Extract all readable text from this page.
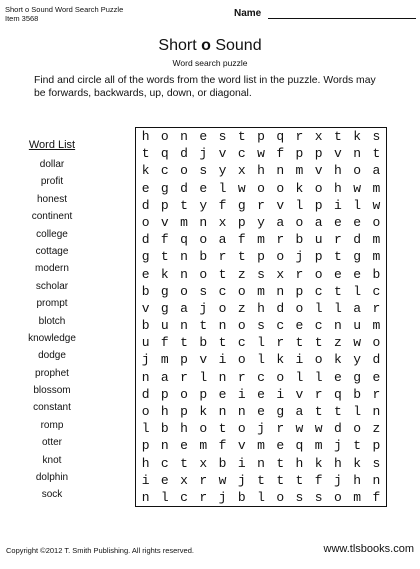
Short o Sound Word Search Puzzle
Item 3568	Name
Short o Sound
Word search puzzle
Find and circle all of the words from the word list in the puzzle. Words may be forwards, backwards, up, down, or diagonal.
Word List
dollar
profit
honest
continent
college
cottage
modern
scholar
prompt
blotch
knowledge
dodge
prophet
blossom
constant
romp
otter
knot
dolphin
sock
h o n e s t p q r x t k s
t q d j v c w f p p v n t
k c o s y x h n m v h o a
e g d e l w o o k o h w m
d p t y f g r v l p i l w
o v m n x p y a o a e e o
d f q o a f m r b u r d m
g t n b r t p o j p t g m
e k n o t z s x r o e e b
b g o s c o m n p c t l c
v g a j o z h d o l l a r
b u n t n o s c e c n u m
u f t b t c l r t t z w o
j m p v i o l k i o k y d
n a r l n r c o l l e g e
d p o p e i e i v r q b r
o h p k n n e g a t t l n
l b h o t o j r w w d o z
p n e m f v m e q m j t p
h c t x b i n t h k h k s
i e x r w j t t t f j h n
n l c r j b l o s s o m f
Copyright ©2012 T. Smith Publishing. All rights reserved.	www.tlsbooks.com
